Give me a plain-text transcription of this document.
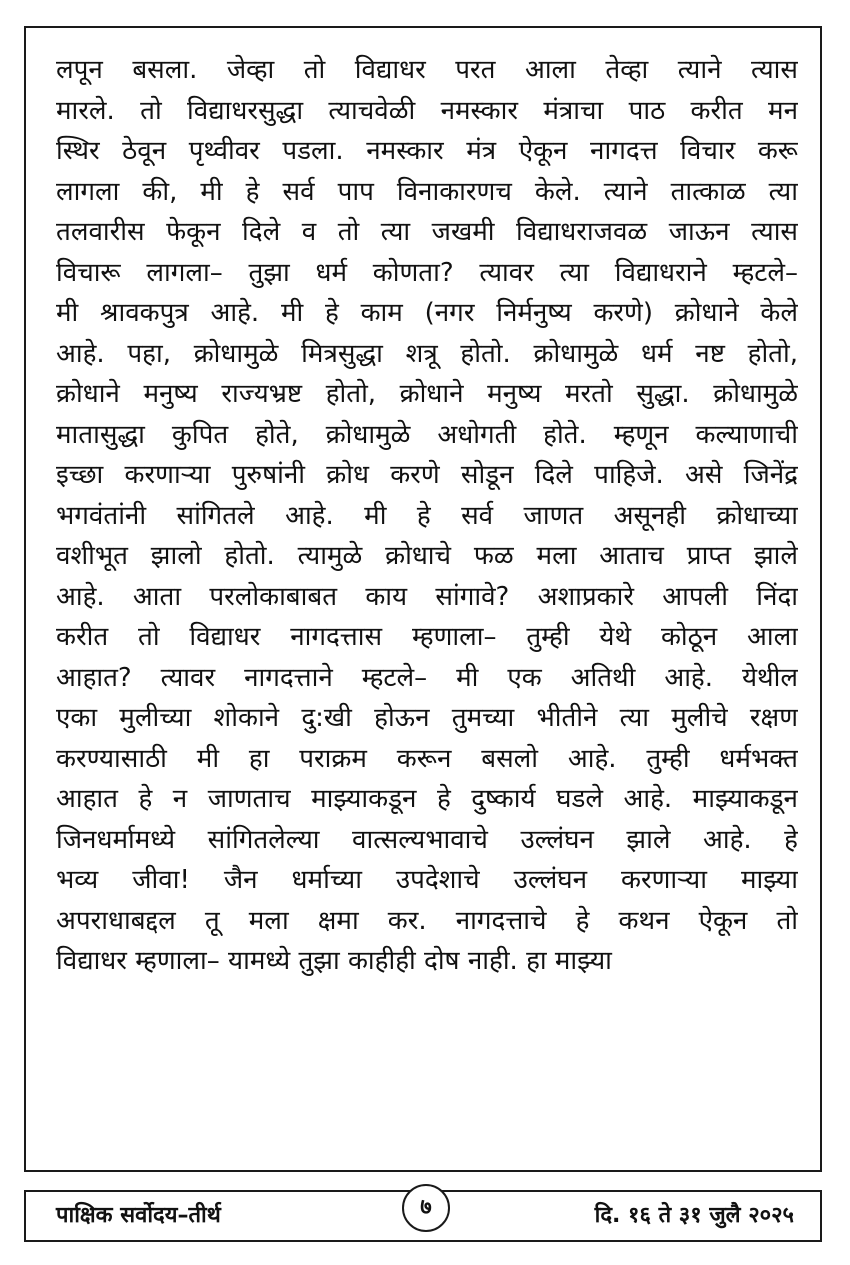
लपून बसला. जेव्हा तो विद्याधर परत आला तेव्हा त्याने त्यास
मारले. तो विद्याधरसुद्धा त्याचवेळी नमस्कार मंत्राचा पाठ करीत मन
स्थिर ठेवून पृथ्वीवर पडला. नमस्कार मंत्र ऐकून नागदत्त विचार करू
लागला की, मी हे सर्व पाप विनाकारणच केले. त्याने तात्काळ त्या
तलवारीस फेकून दिले व तो त्या जखमी विद्याधराजवळ जाऊन त्यास
विचारू लागला– तुझा धर्म कोणता? त्यावर त्या विद्याधराने म्हटले–
मी श्रावकपुत्र आहे. मी हे काम (नगर निर्मनुष्य करणे) क्रोधाने केले
आहे. पहा, क्रोधामुळे मित्रसुद्धा शत्रू होतो. क्रोधामुळे धर्म नष्ट होतो,
क्रोधाने मनुष्य राज्यभ्रष्ट होतो, क्रोधाने मनुष्य मरतो सुद्धा. क्रोधामुळे
मातासुद्धा कुपित होते, क्रोधामुळे अधोगती होते. म्हणून कल्याणाची
इच्छा करणाऱ्या पुरुषांनी क्रोध करणे सोडून दिले पाहिजे. असे जिनेंद्र
भगवंतांनी सांगितले आहे. मी हे सर्व जाणत असूनही क्रोधाच्या
वशीभूत झालो होतो. त्यामुळे क्रोधाचे फळ मला आताच प्राप्त झाले
आहे. आता परलोकाबाबत काय सांगावे? अशाप्रकारे आपली निंदा
करीत तो विद्याधर नागदत्तास म्हणाला– तुम्ही येथे कोठून आला
आहात? त्यावर नागदत्ताने म्हटले– मी एक अतिथी आहे. येथील
एका मुलीच्या शोकाने दु:खी होऊन तुमच्या भीतीने त्या मुलीचे रक्षण
करण्यासाठी मी हा पराक्रम करून बसलो आहे. तुम्ही धर्मभक्त
आहात हे न जाणताच माझ्याकडून हे दुष्कार्य घडले आहे. माझ्याकडून
जिनधर्मामध्ये सांगितलेल्या वात्सल्यभावाचे उल्लंघन झाले आहे. हे
भव्य जीवा! जैन धर्माच्या उपदेशाचे उल्लंघन करणाऱ्या माझ्या
अपराधाबद्दल तू मला क्षमा कर. नागदत्ताचे हे कथन ऐकून तो
विद्याधर म्हणाला– यामध्ये तुझा काहीही दोष नाही. हा माझ्या
पाक्षिक सर्वोदय–तीर्थ	७	दि. १६ ते ३१ जुलै २०२५
